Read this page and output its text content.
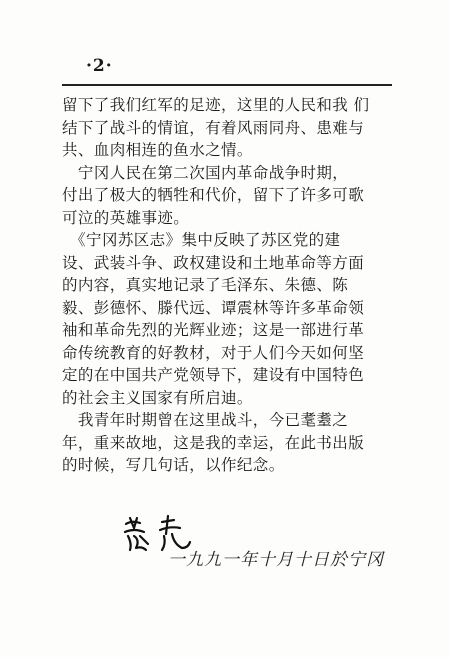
·2·
留下了我们红军的足迹，这里的人民和我 们
结下了战斗的情谊，有着风雨同舟、患难与
共、血肉相连的鱼水之情。
　宁冈人民在第二次国内革命战争时期，
付出了极大的牺牲和代价，留下了许多可歌
可泣的英雄事迹。
　《宁冈苏区志》集中反映了苏区党的建
设、武装斗争、政权建设和土地革命等方面
的内容，真实地记录了毛泽东、朱德、陈
毅、彭德怀、滕代远、谭震林等许多革命领
袖和革命先烈的光辉业迹；这是一部进行革
命传统教育的好教材，对于人们今天如何坚
定的在中国共产党领导下，建设有中国特色
的社会主义国家有所启迪。
　我青年时期曾在这里战斗，今已耄耋之
年，重来故地，这是我的幸运，在此书出版
的时候，写几句话，以作纪念。
一九九一年十月十日於宁冈
